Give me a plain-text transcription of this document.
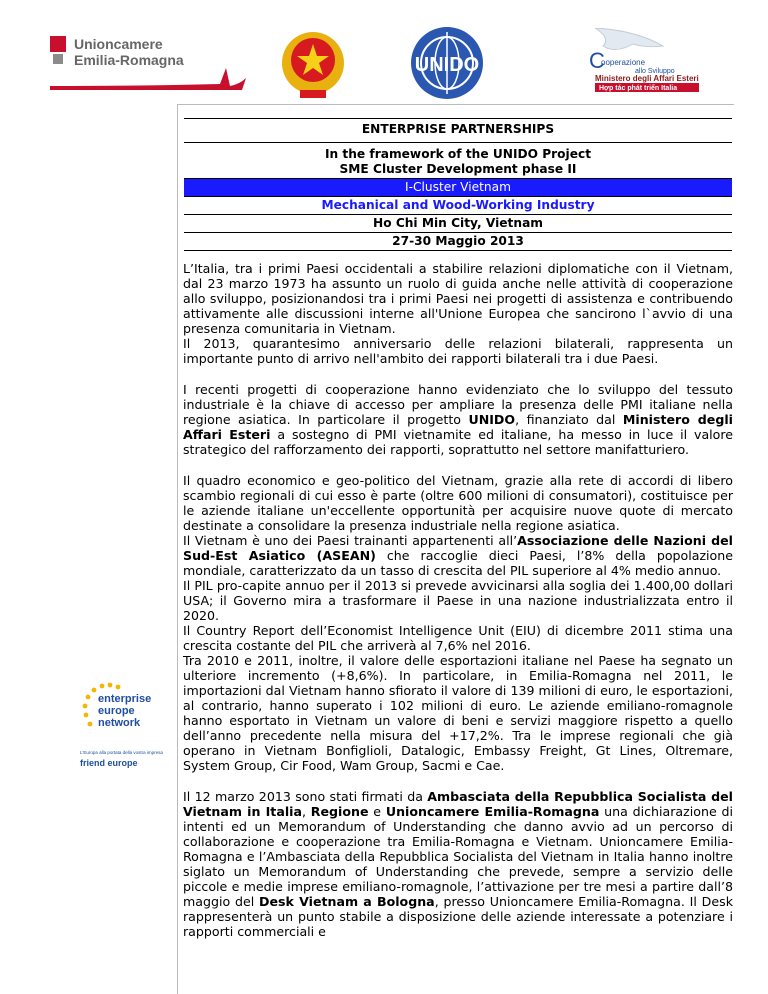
Unioncamere
Emilia-Romagna	UNIDO	C
ooperazione
allo Sviluppo
Ministero degli Affari Esteri
Hợp tác phát triển Italia
ENTERPRISE PARTNERSHIPS

In the framework of the UNIDO Project
SME Cluster Development phase II

I-Cluster Vietnam
Mechanical and Wood-Working Industry
Ho Chi Min City, Vietnam
27-30 Maggio 2013

L’Italia, tra i primi Paesi occidentali a stabilire relazioni diplomatiche con il Vietnam, dal 23 marzo 1973 ha assunto un ruolo di guida anche nelle attività di cooperazione allo sviluppo, posizionandosi tra i primi Paesi nei progetti di assistenza e contribuendo attivamente alle discussioni interne all'Unione Europea che sancirono l`avvio di una presenza comunitaria in Vietnam.

Il 2013, quarantesimo anniversario delle relazioni bilaterali, rappresenta un importante punto di arrivo nell'ambito dei rapporti bilaterali tra i due Paesi.

I recenti progetti di cooperazione hanno evidenziato che lo sviluppo del tessuto industriale è la chiave di accesso per ampliare la presenza delle PMI italiane nella regione asiatica. In particolare il progetto UNIDO, finanziato dal Ministero degli Affari Esteri a sostegno di PMI vietnamite ed italiane, ha messo in luce il valore strategico del rafforzamento dei rapporti, soprattutto nel settore manifatturiero.

Il quadro economico e geo-politico del Vietnam, grazie alla rete di accordi di libero scambio regionali di cui esso è parte (oltre 600 milioni di consumatori), costituisce per le aziende italiane un'eccellente opportunità per acquisire nuove quote di mercato destinate a consolidare la presenza industriale nella regione asiatica.

Il Vietnam è uno dei Paesi trainanti appartenenti all’Associazione delle Nazioni del Sud-Est Asiatico (ASEAN) che raccoglie dieci Paesi, l’8% della popolazione mondiale, caratterizzato da un tasso di crescita del PIL superiore al 4% medio annuo.

Il PIL pro-capite annuo per il 2013 si prevede avvicinarsi alla soglia dei 1.400,00 dollari USA; il Governo mira a trasformare il Paese in una nazione industrializzata entro il 2020.

Il Country Report dell’Economist Intelligence Unit (EIU) di dicembre 2011 stima una crescita costante del PIL che arriverà al 7,6% nel 2016.

Tra 2010 e 2011, inoltre, il valore delle esportazioni italiane nel Paese ha segnato un ulteriore incremento (+8,6%). In particolare, in Emilia-Romagna nel 2011, le importazioni dal Vietnam hanno sfiorato il valore di 139 milioni di euro, le esportazioni, al contrario, hanno superato i 102 milioni di euro. Le aziende emiliano-romagnole hanno esportato in Vietnam un valore di beni e servizi maggiore rispetto a quello dell’anno precedente nella misura del +17,2%. Tra le imprese regionali che già operano in Vietnam Bonfiglioli, Datalogic, Embassy Freight, Gt Lines, Oltremare, System Group, Cir Food, Wam Group, Sacmi e Cae.

Il 12 marzo 2013 sono stati firmati da Ambasciata della Repubblica Socialista del Vietnam in Italia, Regione e Unioncamere Emilia-Romagna una dichiarazione di intenti ed un Memorandum of Understanding che danno avvio ad un percorso di collaborazione e cooperazione tra Emilia-Romagna e Vietnam. Unioncamere Emilia-Romagna e l’Ambasciata della Repubblica Socialista del Vietnam in Italia hanno inoltre siglato un Memorandum of Understanding che prevede, sempre a servizio delle piccole e medie imprese emiliano-romagnole, l’attivazione per tre mesi a partire dall’8 maggio del Desk Vietnam a Bologna, presso Unioncamere Emilia-Romagna. Il Desk rappresenterà un punto stabile a disposizione delle aziende interessate a potenziare i rapporti commerciali e

enterprise
europe
network
L'Europa alla portata della vostra impresa
friend europe
